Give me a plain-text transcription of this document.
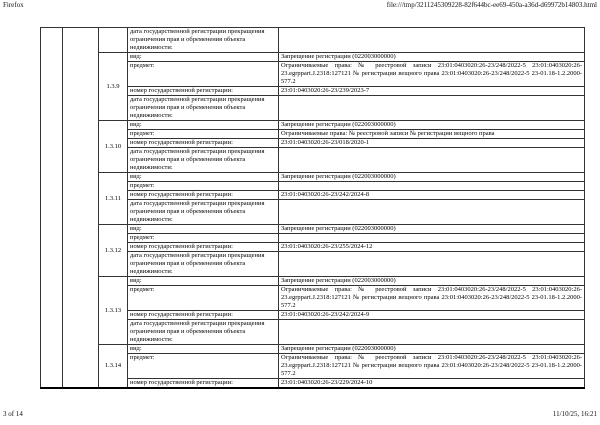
Firefox	file:///tmp/3211245309228-82f644bc-ee69-450a-a36d-d69972b14803.html
			дата государственной регистрации прекращения ограничения прав и обременения объекта недвижимости:	
		1.3.9	вид:	Запрещение регистрации (022003000000)
			предмет:	Ограничиваемые права: № реестровой записи 23:01:0403020:26-23/248/2022-5 23:01:0403020:26-23.egrppart.J.2318:127121 № регистрации вещного права 23:01:0403020:26-23/248/2022-5 23-01.18-1.2.2000-577.2
			номер государственной регистрации:	23:01:0403020:26-23/239/2023-7
			дата государственной регистрации прекращения ограничения прав и обременения объекта недвижимости:	
		1.3.10	вид:	Запрещение регистрации (022003000000)
			предмет:	Ограничиваемые права: № реестровой записи № регистрации вещного права
			номер государственной регистрации:	23:01:0403020:26-23/018/2020-1
			дата государственной регистрации прекращения ограничения прав и обременения объекта недвижимости:	
		1.3.11	вид:	Запрещение регистрации (022003000000)
			предмет:	
			номер государственной регистрации:	23:01:0403020:26-23/242/2024-8
			дата государственной регистрации прекращения ограничения прав и обременения объекта недвижимости:	
		1.3.12	вид:	Запрещение регистрации (022003000000)
			предмет:	
			номер государственной регистрации:	23:01:0403020:26-23/255/2024-12
			дата государственной регистрации прекращения ограничения прав и обременения объекта недвижимости:	
		1.3.13	вид:	Запрещение регистрации (022003000000)
			предмет:	Ограничиваемые права: № реестровой записи 23:01:0403020:26-23/248/2022-5 23:01:0403020:26-23.egrppart.J.2318:127121 № регистрации вещного права 23:01:0403020:26-23/248/2022-5 23-01.18-1.2.2000-577.2
			номер государственной регистрации:	23:01:0403020:26-23/242/2024-9
			дата государственной регистрации прекращения ограничения прав и обременения объекта недвижимости:	
		1.3.14	вид:	Запрещение регистрации (022003000000)
			предмет:	Ограничиваемые права: № реестровой записи 23:01:0403020:26-23/248/2022-5 23:01:0403020:26-23.egrppart.J.2318:127121 № регистрации вещного права 23:01:0403020:26-23/248/2022-5 23-01.18-1.2.2000-577.2
			номер государственной регистрации:	23:01:0403020:26-23/229/2024-10
3 of 14	11/10/25, 16:21
